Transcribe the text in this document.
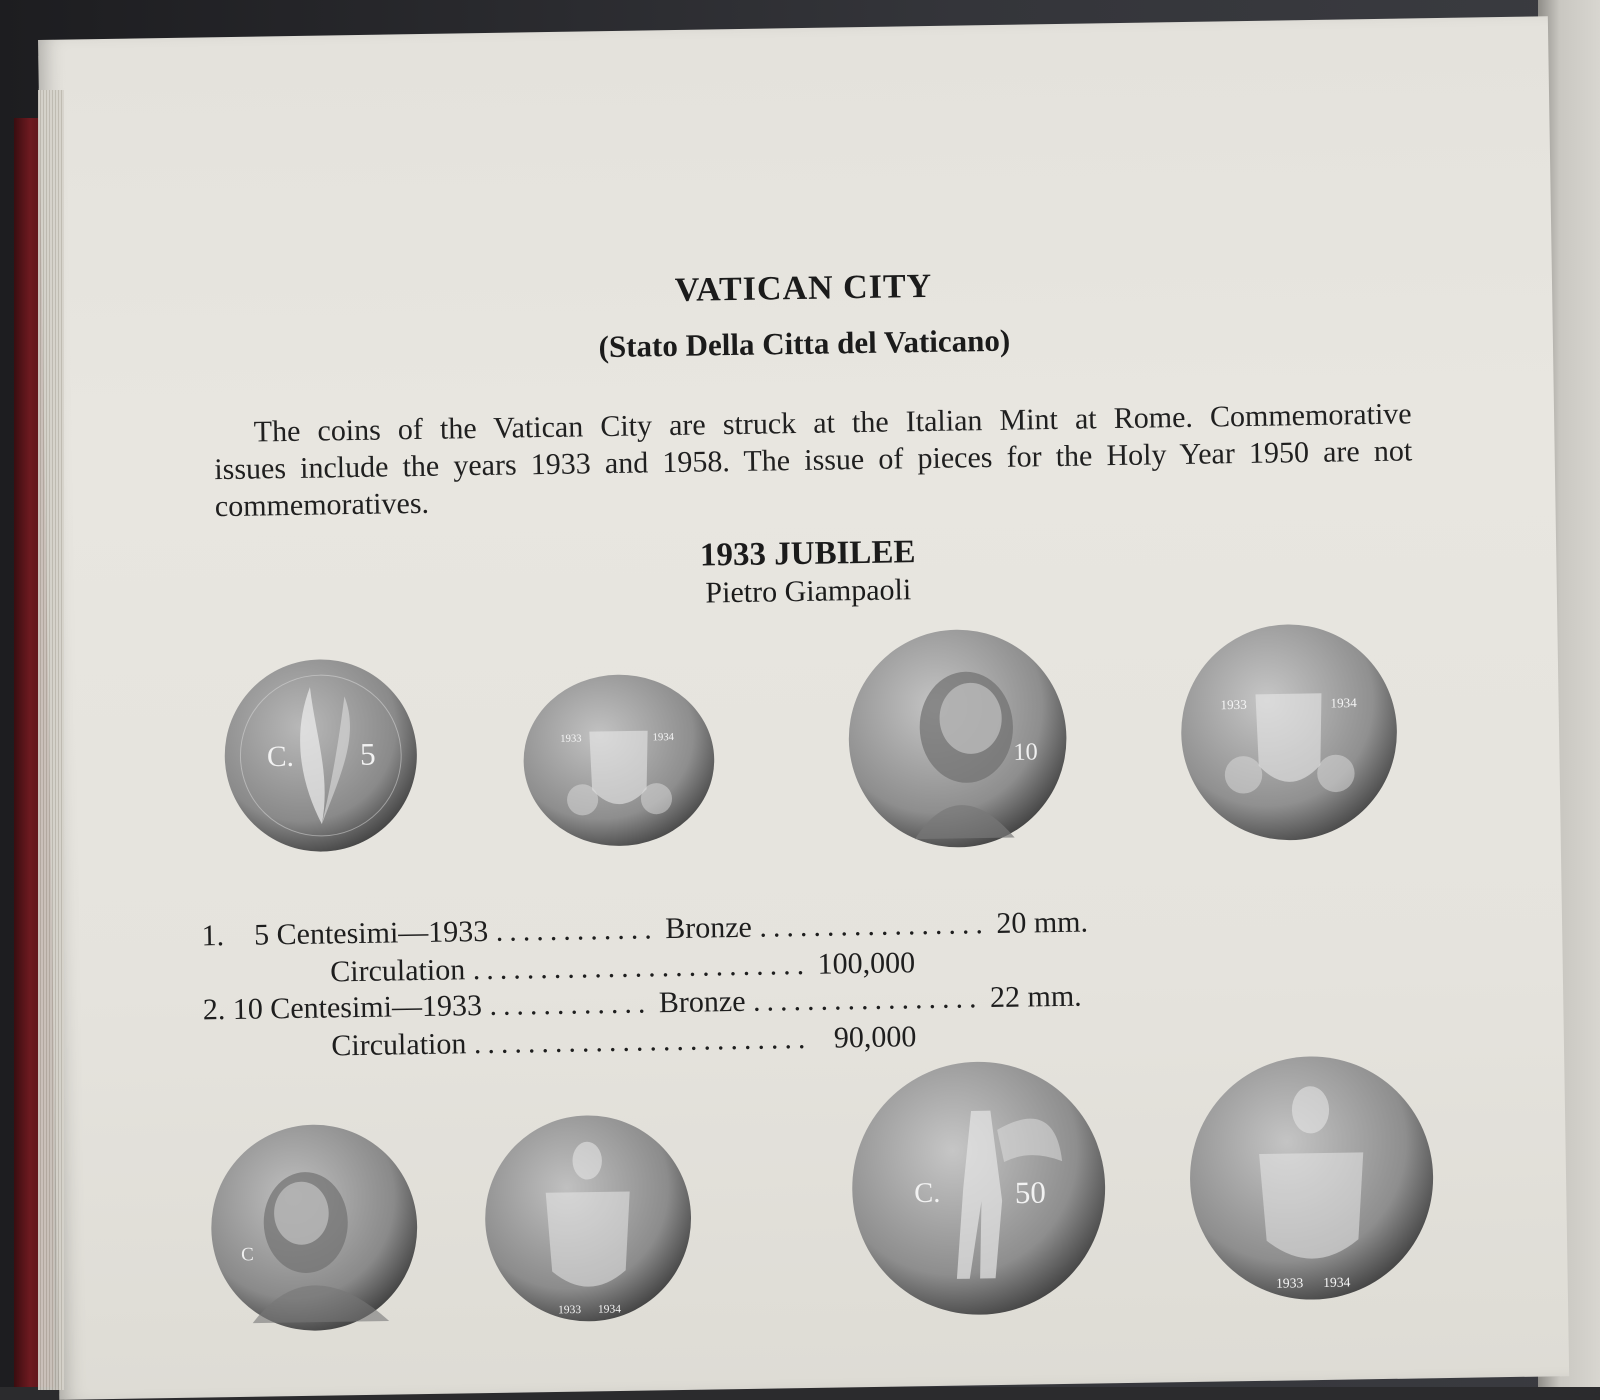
VATICAN CITY
(Stato Della Citta del Vaticano)
The coins of the Vatican City are struck at the Italian Mint at Rome. Commemorative issues include the years 1933 and 1958. The issue of pieces for the Holy Year 1950 are not commemoratives.
1933 JUBILEE
Pietro Giampaoli
C. 5	1933	1934
10
1933	1934
1. 5 Centesimi—1933 ............ Bronze ................. 20 mm.
Circulation ......................... 100,000
2. 10 Centesimi—1933 ............ Bronze ................. 22 mm.
Circulation ......................... 90,000
C
1933 1934
C.	50
1933 1934
